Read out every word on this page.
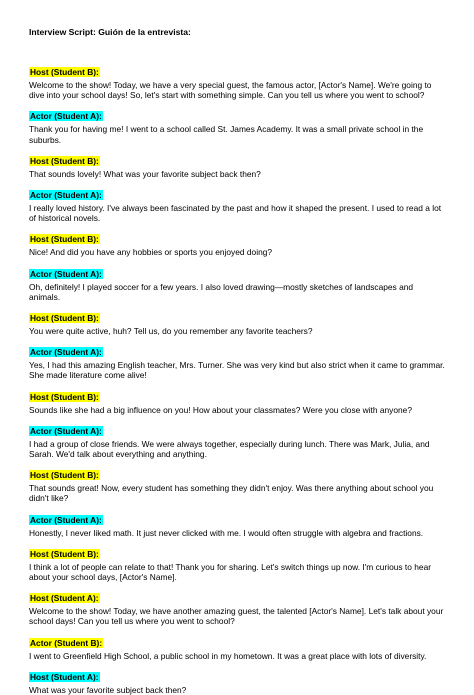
Interview Script: Guión de la entrevista:
Host (Student B):

Welcome to the show! Today, we have a very special guest, the famous actor, [Actor's Name]. We're going to dive into your school days! So, let's start with something simple. Can you tell us where you went to school?

Actor (Student A):

Thank you for having me! I went to a school called St. James Academy. It was a small private school in the suburbs.

Host (Student B):

That sounds lovely! What was your favorite subject back then?

Actor (Student A):

I really loved history. I've always been fascinated by the past and how it shaped the present. I used to read a lot of historical novels.

Host (Student B):

Nice! And did you have any hobbies or sports you enjoyed doing?

Actor (Student A):

Oh, definitely! I played soccer for a few years. I also loved drawing—mostly sketches of landscapes and animals.

Host (Student B):

You were quite active, huh? Tell us, do you remember any favorite teachers?

Actor (Student A):

Yes, I had this amazing English teacher, Mrs. Turner. She was very kind but also strict when it came to grammar. She made literature come alive!

Host (Student B):

Sounds like she had a big influence on you! How about your classmates? Were you close with anyone?

Actor (Student A):

I had a group of close friends. We were always together, especially during lunch. There was Mark, Julia, and Sarah. We'd talk about everything and anything.

Host (Student B):

That sounds great! Now, every student has something they didn't enjoy. Was there anything about school you didn't like?

Actor (Student A):

Honestly, I never liked math. It just never clicked with me. I would often struggle with algebra and fractions.

Host (Student B):

I think a lot of people can relate to that! Thank you for sharing. Let's switch things up now. I'm curious to hear about your school days, [Actor's Name].

Host (Student A):

Welcome to the show! Today, we have another amazing guest, the talented [Actor's Name]. Let's talk about your school days! Can you tell us where you went to school?

Actor (Student B):

I went to Greenfield High School, a public school in my hometown. It was a great place with lots of diversity.

Host (Student A):

What was your favorite subject back then?
